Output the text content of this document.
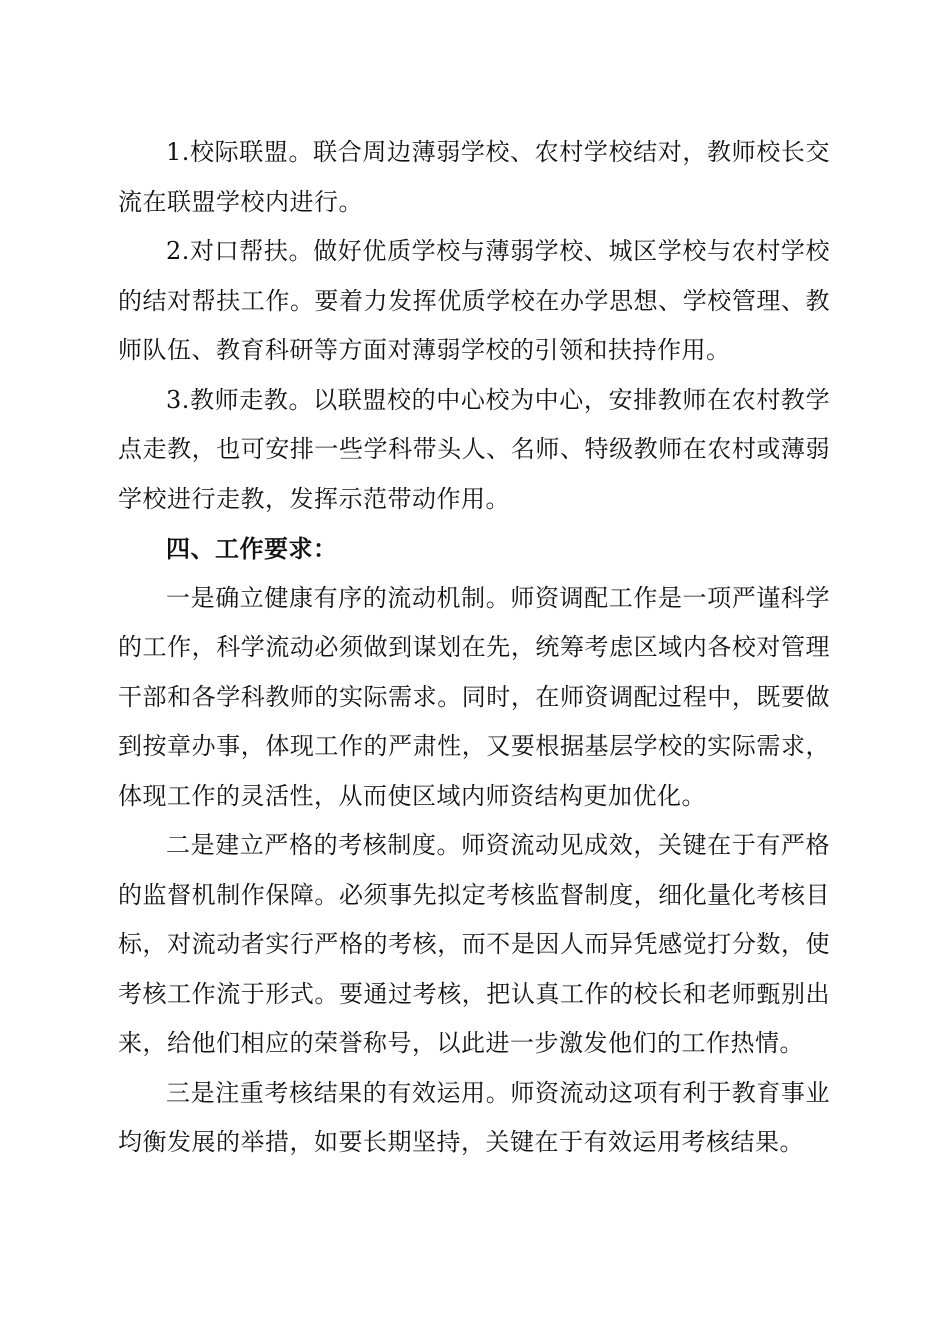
1.校际联盟。联合周边薄弱学校、农村学校结对，教师校长交流在联盟学校内进行。

2.对口帮扶。做好优质学校与薄弱学校、城区学校与农村学校的结对帮扶工作。要着力发挥优质学校在办学思想、学校管理、教师队伍、教育科研等方面对薄弱学校的引领和扶持作用。

3.教师走教。以联盟校的中心校为中心，安排教师在农村教学点走教，也可安排一些学科带头人、名师、特级教师在农村或薄弱学校进行走教，发挥示范带动作用。

四、工作要求：

一是确立健康有序的流动机制。师资调配工作是一项严谨科学的工作，科学流动必须做到谋划在先，统筹考虑区域内各校对管理干部和各学科教师的实际需求。同时，在师资调配过程中，既要做到按章办事，体现工作的严肃性，又要根据基层学校的实际需求，体现工作的灵活性，从而使区域内师资结构更加优化。

二是建立严格的考核制度。师资流动见成效，关键在于有严格的监督机制作保障。必须事先拟定考核监督制度，细化量化考核目标，对流动者实行严格的考核，而不是因人而异凭感觉打分数，使考核工作流于形式。要通过考核，把认真工作的校长和老师甄别出来，给他们相应的荣誉称号，以此进一步激发他们的工作热情。

三是注重考核结果的有效运用。师资流动这项有利于教育事业均衡发展的举措，如要长期坚持，关键在于有效运用考核结果。
